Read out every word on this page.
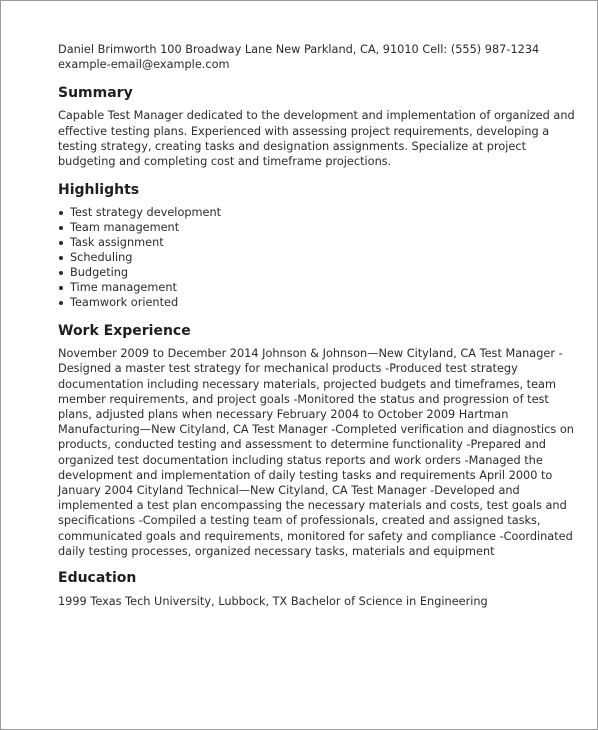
Daniel Brimworth 100 Broadway Lane New Parkland, CA, 91010 Cell: (555) 987-1234 example-email@example.com

Summary

Capable Test Manager dedicated to the development and implementation of organized and effective testing plans. Experienced with assessing project requirements, developing a testing strategy, creating tasks and designation assignments. Specialize at project budgeting and completing cost and timeframe projections.

Highlights
Test strategy development
Team management
Task assignment
Scheduling
Budgeting
Time management
Teamwork oriented
Work Experience

November 2009 to December 2014 Johnson & Johnson—New Cityland, CA Test Manager -Designed a master test strategy for mechanical products -Produced test strategy documentation including necessary materials, projected budgets and timeframes, team member requirements, and project goals -Monitored the status and progression of test plans, adjusted plans when necessary February 2004 to October 2009 Hartman Manufacturing—New Cityland, CA Test Manager -Completed verification and diagnostics on products, conducted testing and assessment to determine functionality -Prepared and organized test documentation including status reports and work orders -Managed the development and implementation of daily testing tasks and requirements April 2000 to January 2004 Cityland Technical—New Cityland, CA Test Manager -Developed and implemented a test plan encompassing the necessary materials and costs, test goals and specifications -Compiled a testing team of professionals, created and assigned tasks, communicated goals and requirements, monitored for safety and compliance -Coordinated daily testing processes, organized necessary tasks, materials and equipment

Education

1999 Texas Tech University, Lubbock, TX Bachelor of Science in Engineering
